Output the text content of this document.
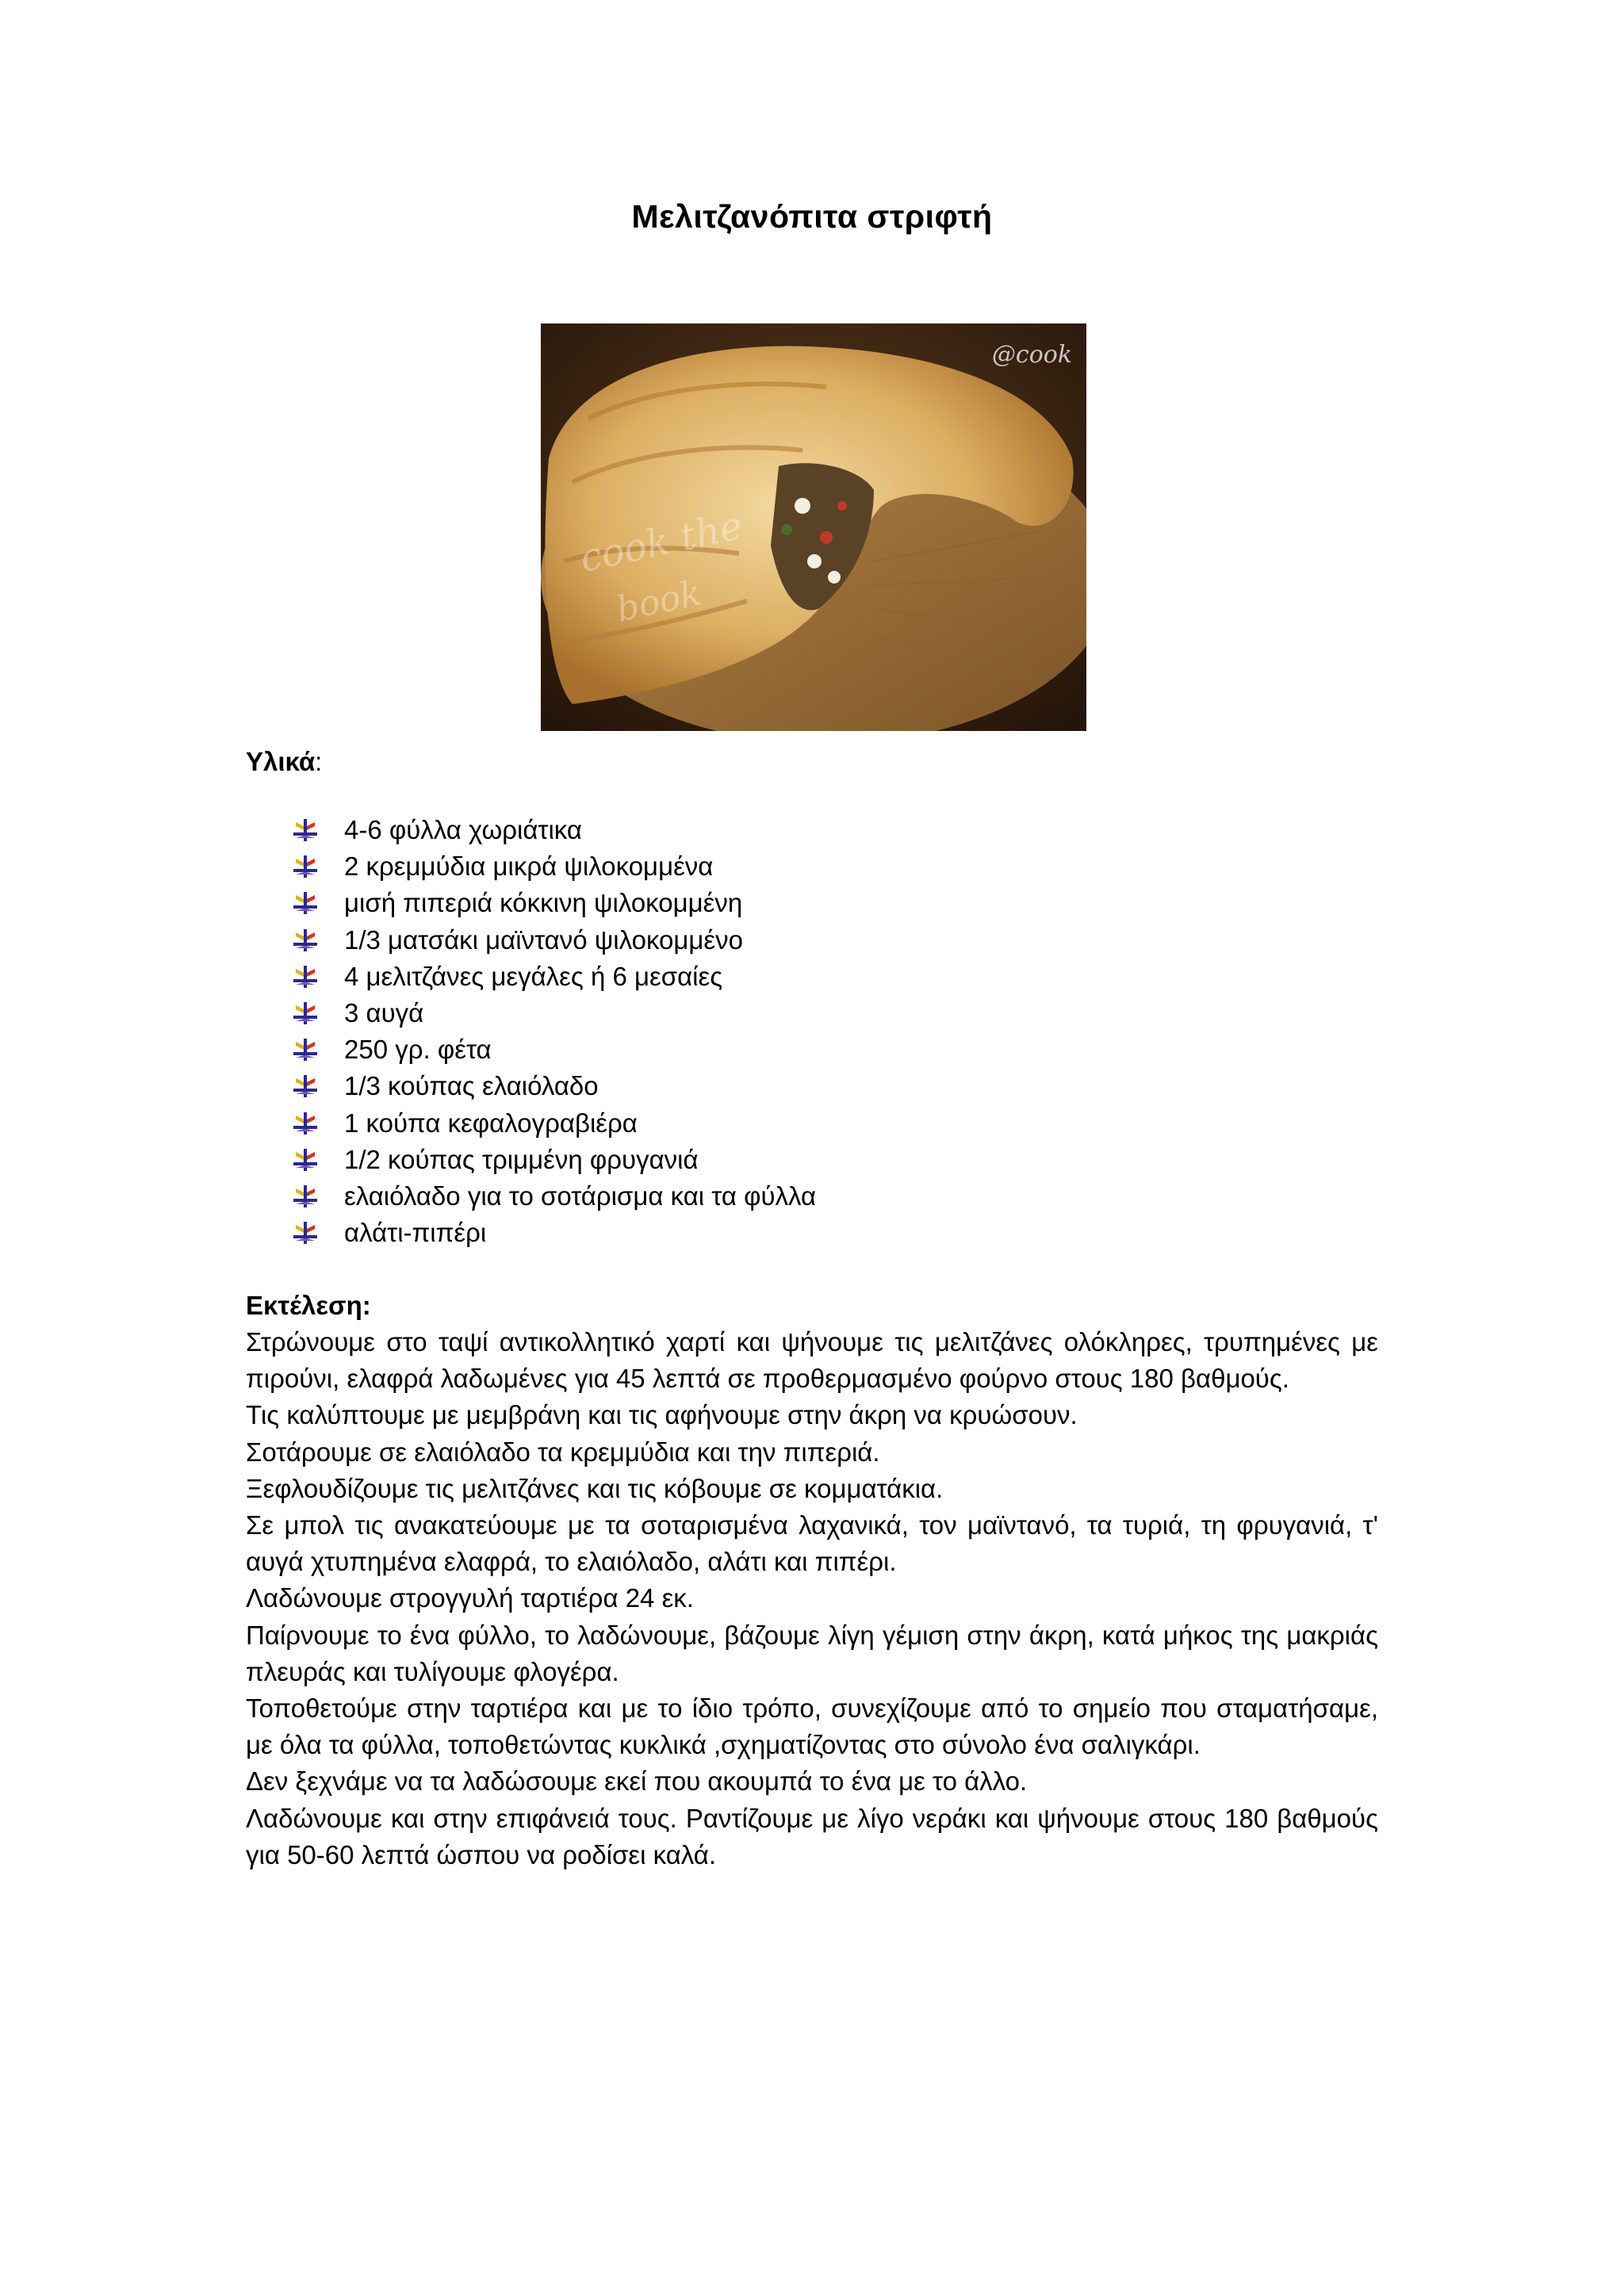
Μελιτζανόπιτα στριφτή
@cook
cook the
book
Υλικά:
4-6 φύλλα χωριάτικα
2 κρεμμύδια μικρά ψιλοκομμένα
μισή πιπεριά κόκκινη ψιλοκομμένη
1/3 ματσάκι μαϊντανό ψιλοκομμένο
4 μελιτζάνες μεγάλες ή 6 μεσαίες
3 αυγά
250 γρ. φέτα
1/3 κούπας ελαιόλαδο
1 κούπα κεφαλογραβιέρα
1/2 κούπας τριμμένη φρυγανιά
ελαιόλαδο για το σοτάρισμα και τα φύλλα
αλάτι-πιπέρι
Εκτέλεση:

Στρώνουμε στο ταψί αντικολλητικό χαρτί και ψήνουμε τις μελιτζάνες ολόκληρες, τρυπημένες με πιρούνι, ελαφρά λαδωμένες για 45 λεπτά σε προθερμασμένο φούρνο στους 180 βαθμούς.

Τις καλύπτουμε με μεμβράνη και τις αφήνουμε στην άκρη να κρυώσουν.

Σοτάρουμε σε ελαιόλαδο τα κρεμμύδια και την πιπεριά.

Ξεφλουδίζουμε τις μελιτζάνες και τις κόβουμε σε κομματάκια.

Σε μπολ τις ανακατεύουμε με τα σοταρισμένα λαχανικά, τον μαϊντανό, τα τυριά, τη φρυγανιά, τ' αυγά χτυπημένα ελαφρά, το ελαιόλαδο, αλάτι και πιπέρι.

Λαδώνουμε στρογγυλή ταρτιέρα 24 εκ.

Παίρνουμε το ένα φύλλο, το λαδώνουμε, βάζουμε λίγη γέμιση στην άκρη, κατά μήκος της μακριάς πλευράς και τυλίγουμε φλογέρα.

Τοποθετούμε στην ταρτιέρα και με το ίδιο τρόπο, συνεχίζουμε από το σημείο που σταματήσαμε, με όλα τα φύλλα, τοποθετώντας κυκλικά ,σχηματίζοντας στο σύνολο ένα σαλιγκάρι.

Δεν ξεχνάμε να τα λαδώσουμε εκεί που ακουμπά το ένα με το άλλο.

Λαδώνουμε και στην επιφάνειά τους. Ραντίζουμε με λίγο νεράκι και ψήνουμε στους 180 βαθμούς για 50-60 λεπτά ώσπου να ροδίσει καλά.
